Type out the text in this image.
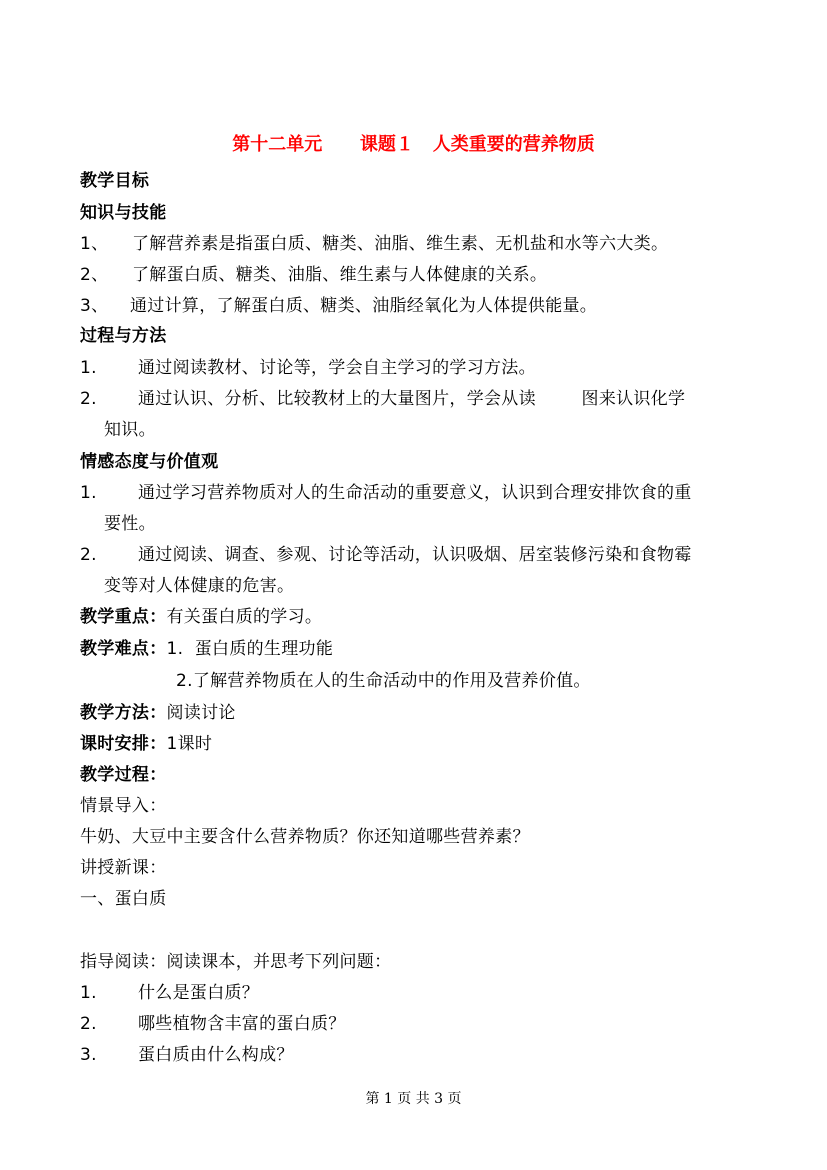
第十二单元      课题１   人类重要的营养物质
教学目标
知识与技能
1、 了解营养素是指蛋白质、糖类、油脂、维生素、无机盐和水等六大类。
2、 了解蛋白质、糖类、油脂、维生素与人体健康的关系。
3、 通过计算，了解蛋白质、糖类、油脂经氧化为人体提供能量。
过程与方法
1. 通过阅读教材、讨论等，学会自主学习的学习方法。
2. 通过认识、分析、比较教材上的大量图片，学会从读        图来认识化学
知识。
情感态度与价值观
1. 通过学习营养物质对人的生命活动的重要意义，认识到合理安排饮食的重
要性。
2. 通过阅读、调查、参观、讨论等活动，认识吸烟、居室装修污染和食物霉
变等对人体健康的危害。
教学重点：有关蛋白质的学习。
教学难点：1.  蛋白质的生理功能
2.了解营养物质在人的生命活动中的作用及营养价值。
教学方法：阅读讨论
课时安排：1课时
教学过程：
情景导入：
牛奶、大豆中主要含什么营养物质？你还知道哪些营养素？
讲授新课：
一、蛋白质
指导阅读：阅读课本，并思考下列问题：
1. 什么是蛋白质？
2. 哪些植物含丰富的蛋白质？
3. 蛋白质由什么构成？
第 1 页 共 3 页
